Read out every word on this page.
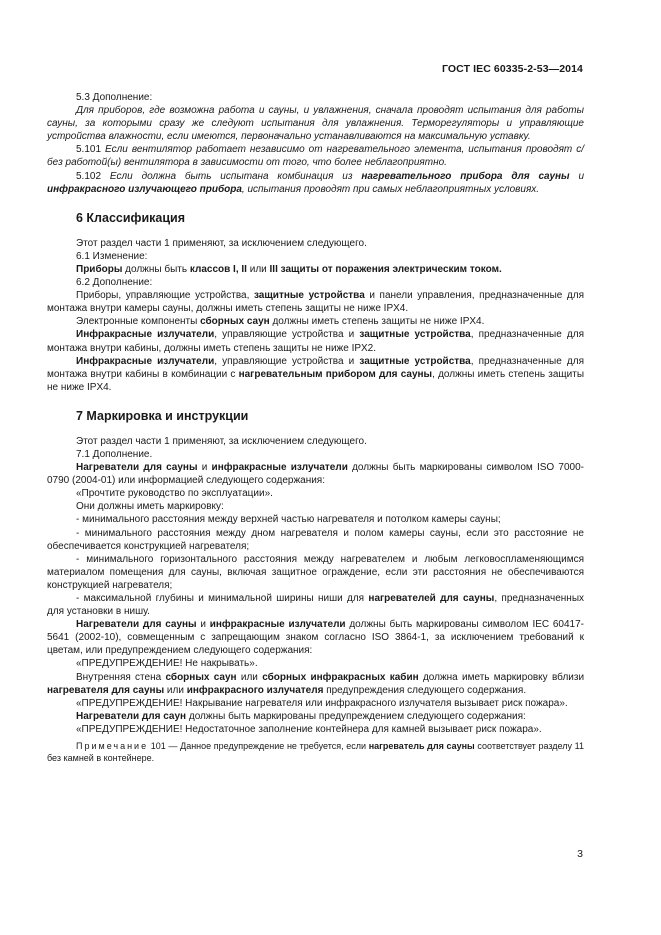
ГОСТ IEC 60335-2-53—2014

5.3 Дополнение:

Для приборов, где возможна работа и сауны, и увлажнения, сначала проводят испытания для работы сауны, за которыми сразу же следуют испытания для увлажнения. Терморегуляторы и управляющие устройства влажности, если имеются, первоначально устанавливаются на максимальную уставку.

5.101 Если вентилятор работает независимо от нагревательного элемента, испытания проводят с/без работой(ы) вентилятора в зависимости от того, что более неблагоприятно.

5.102 Если должна быть испытана комбинация из нагревательного прибора для сауны и инфракрасного излучающего прибора, испытания проводят при самых неблагоприятных условиях.

6 Классификация

Этот раздел части 1 применяют, за исключением следующего.

6.1 Изменение:

Приборы должны быть классов I, II или III защиты от поражения электрическим током.

6.2 Дополнение:

Приборы, управляющие устройства, защитные устройства и панели управления, предназначенные для монтажа внутри камеры сауны, должны иметь степень защиты не ниже IPX4.

Электронные компоненты сборных саун должны иметь степень защиты не ниже IPX4.

Инфракрасные излучатели, управляющие устройства и защитные устройства, предназначенные для монтажа внутри кабины, должны иметь степень защиты не ниже IPX2.

Инфракрасные излучатели, управляющие устройства и защитные устройства, предназначенные для монтажа внутри кабины в комбинации с нагревательным прибором для сауны, должны иметь степень защиты не ниже IPX4.

7 Маркировка и инструкции

Этот раздел части 1 применяют, за исключением следующего.

7.1 Дополнение.

Нагреватели для сауны и инфракрасные излучатели должны быть маркированы символом ISO 7000-0790 (2004-01) или информацией следующего содержания:

«Прочтите руководство по эксплуатации».

Они должны иметь маркировку:

- минимального расстояния между верхней частью нагревателя и потолком камеры сауны;

- минимального расстояния между дном нагревателя и полом камеры сауны, если это расстояние не обеспечивается конструкцией нагревателя;

- минимального горизонтального расстояния между нагревателем и любым легковоспламеняющимся материалом помещения для сауны, включая защитное ограждение, если эти расстояния не обеспечиваются конструкцией нагревателя;

- максимальной глубины и минимальной ширины ниши для нагревателей для сауны, предназначенных для установки в нишу.

Нагреватели для сауны и инфракрасные излучатели должны быть маркированы символом IEC 60417-5641 (2002-10), совмещенным с запрещающим знаком согласно ISO 3864-1, за исключением требований к цветам, или предупреждением следующего содержания:

«ПРЕДУПРЕЖДЕНИЕ! Не накрывать».

Внутренняя стена сборных саун или сборных инфракрасных кабин должна иметь маркировку вблизи нагревателя для сауны или инфракрасного излучателя предупреждения следующего содержания.

«ПРЕДУПРЕЖДЕНИЕ! Накрывание нагревателя или инфракрасного излучателя вызывает риск пожара».

Нагреватели для саун должны быть маркированы предупреждением следующего содержания:

«ПРЕДУПРЕЖДЕНИЕ! Недостаточное заполнение контейнера для камней вызывает риск пожара».

Примечание 101 — Данное предупреждение не требуется, если нагреватель для сауны соответствует разделу 11 без камней в контейнере.

3
